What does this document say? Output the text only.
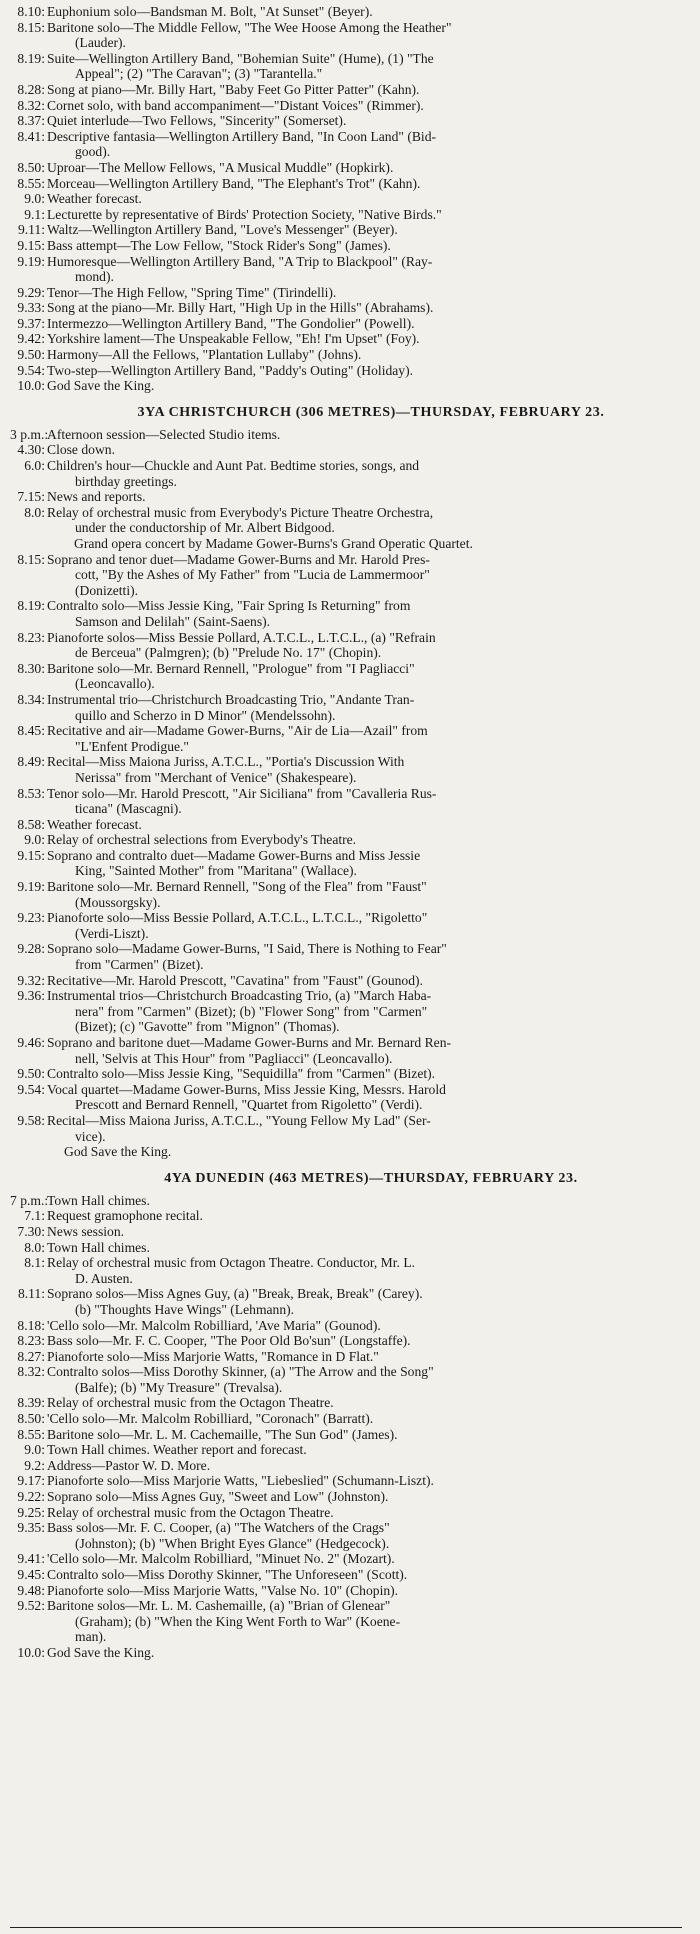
8.10: Euphonium solo—Bandsman M. Bolt, "At Sunset" (Beyer).
8.15: Baritone solo—The Middle Fellow, "The Wee Hoose Among the Heather"
(Lauder).
8.19: Suite—Wellington Artillery Band, "Bohemian Suite" (Hume), (1) "The
Appeal"; (2) "The Caravan"; (3) "Tarantella."
8.28: Song at piano—Mr. Billy Hart, "Baby Feet Go Pitter Patter" (Kahn).
8.32: Cornet solo, with band accompaniment—"Distant Voices" (Rimmer).
8.37: Quiet interlude—Two Fellows, "Sincerity" (Somerset).
8.41: Descriptive fantasia—Wellington Artillery Band, "In Coon Land" (Bid-
good).
8.50: Uproar—The Mellow Fellows, "A Musical Muddle" (Hopkirk).
8.55: Morceau—Wellington Artillery Band, "The Elephant's Trot" (Kahn).
9.0: Weather forecast.
9.1: Lecturette by representative of Birds' Protection Society, "Native Birds."
9.11: Waltz—Wellington Artillery Band, "Love's Messenger" (Beyer).
9.15: Bass attempt—The Low Fellow, "Stock Rider's Song" (James).
9.19: Humoresque—Wellington Artillery Band, "A Trip to Blackpool" (Ray-
mond).
9.29: Tenor—The High Fellow, "Spring Time" (Tirindelli).
9.33: Song at the piano—Mr. Billy Hart, "High Up in the Hills" (Abrahams).
9.37: Intermezzo—Wellington Artillery Band, "The Gondolier" (Powell).
9.42: Yorkshire lament—The Unspeakable Fellow, "Eh! I'm Upset" (Foy).
9.50: Harmony—All the Fellows, "Plantation Lullaby" (Johns).
9.54: Two-step—Wellington Artillery Band, "Paddy's Outing" (Holiday).
10.0: God Save the King.
3YA CHRISTCHURCH (306 METRES)—THURSDAY, FEBRUARY 23.
3 p.m.:
Afternoon session—Selected Studio items.
4.30: Close down.
6.0: Children's hour—Chuckle and Aunt Pat. Bedtime stories, songs, and
birthday greetings.
7.15: News and reports.
8.0: Relay of orchestral music from Everybody's Picture Theatre Orchestra,
under the conductorship of Mr. Albert Bidgood.
Grand opera concert by Madame Gower-Burns's Grand Operatic Quartet.
8.15: Soprano and tenor duet—Madame Gower-Burns and Mr. Harold Pres-
cott, "By the Ashes of My Father" from "Lucia de Lammermoor"
(Donizetti).
8.19: Contralto solo—Miss Jessie King, "Fair Spring Is Returning" from
Samson and Delilah" (Saint-Saens).
8.23: Pianoforte solos—Miss Bessie Pollard, A.T.C.L., L.T.C.L., (a) "Refrain
de Berceua" (Palmgren); (b) "Prelude No. 17" (Chopin).
8.30: Baritone solo—Mr. Bernard Rennell, "Prologue" from "I Pagliacci"
(Leoncavallo).
8.34: Instrumental trio—Christchurch Broadcasting Trio, "Andante Tran-
quillo and Scherzo in D Minor" (Mendelssohn).
8.45: Recitative and air—Madame Gower-Burns, "Air de Lia—Azail" from
"L'Enfent Prodigue."
8.49: Recital—Miss Maiona Juriss, A.T.C.L., "Portia's Discussion With
Nerissa" from "Merchant of Venice" (Shakespeare).
8.53: Tenor solo—Mr. Harold Prescott, "Air Siciliana" from "Cavalleria Rus-
ticana" (Mascagni).
8.58: Weather forecast.
9.0: Relay of orchestral selections from Everybody's Theatre.
9.15: Soprano and contralto duet—Madame Gower-Burns and Miss Jessie
King, "Sainted Mother" from "Maritana" (Wallace).
9.19: Baritone solo—Mr. Bernard Rennell, "Song of the Flea" from "Faust"
(Moussorgsky).
9.23: Pianoforte solo—Miss Bessie Pollard, A.T.C.L., L.T.C.L., "Rigoletto"
(Verdi-Liszt).
9.28: Soprano solo—Madame Gower-Burns, "I Said, There is Nothing to Fear"
from "Carmen" (Bizet).
9.32: Recitative—Mr. Harold Prescott, "Cavatina" from "Faust" (Gounod).
9.36: Instrumental trios—Christchurch Broadcasting Trio, (a) "March Haba-
nera" from "Carmen" (Bizet); (b) "Flower Song" from "Carmen"
(Bizet); (c) "Gavotte" from "Mignon" (Thomas).
9.46: Soprano and baritone duet—Madame Gower-Burns and Mr. Bernard Ren-
nell, 'Selvis at This Hour" from "Pagliacci" (Leoncavallo).
9.50: Contralto solo—Miss Jessie King, "Sequidilla" from "Carmen" (Bizet).
9.54: Vocal quartet—Madame Gower-Burns, Miss Jessie King, Messrs. Harold
Prescott and Bernard Rennell, "Quartet from Rigoletto" (Verdi).
9.58: Recital—Miss Maiona Juriss, A.T.C.L., "Young Fellow My Lad" (Ser-
vice).
God Save the King.
4YA DUNEDIN (463 METRES)—THURSDAY, FEBRUARY 23.
7 p.m.:
Town Hall chimes.
7.1: Request gramophone recital.
7.30: News session.
8.0: Town Hall chimes.
8.1: Relay of orchestral music from Octagon Theatre. Conductor, Mr. L.
D. Austen.
8.11: Soprano solos—Miss Agnes Guy, (a) "Break, Break, Break" (Carey).
(b) "Thoughts Have Wings" (Lehmann).
8.18: 'Cello solo—Mr. Malcolm Robilliard, 'Ave Maria" (Gounod).
8.23: Bass solo—Mr. F. C. Cooper, "The Poor Old Bo'sun" (Longstaffe).
8.27: Pianoforte solo—Miss Marjorie Watts, "Romance in D Flat."
8.32: Contralto solos—Miss Dorothy Skinner, (a) "The Arrow and the Song"
(Balfe); (b) "My Treasure" (Trevalsa).
8.39: Relay of orchestral music from the Octagon Theatre.
8.50: 'Cello solo—Mr. Malcolm Robilliard, "Coronach" (Barratt).
8.55: Baritone solo—Mr. L. M. Cachemaille, "The Sun God" (James).
9.0: Town Hall chimes. Weather report and forecast.
9.2: Address—Pastor W. D. More.
9.17: Pianoforte solo—Miss Marjorie Watts, "Liebeslied" (Schumann-Liszt).
9.22: Soprano solo—Miss Agnes Guy, "Sweet and Low" (Johnston).
9.25: Relay of orchestral music from the Octagon Theatre.
9.35: Bass solos—Mr. F. C. Cooper, (a) "The Watchers of the Crags"
(Johnston); (b) "When Bright Eyes Glance" (Hedgecock).
9.41: 'Cello solo—Mr. Malcolm Robilliard, "Minuet No. 2" (Mozart).
9.45: Contralto solo—Miss Dorothy Skinner, "The Unforeseen" (Scott).
9.48: Pianoforte solo—Miss Marjorie Watts, "Valse No. 10" (Chopin).
9.52: Baritone solos—Mr. L. M. Cashemaille, (a) "Brian of Glenear"
(Graham); (b) "When the King Went Forth to War" (Koene-
man).
10.0: God Save the King.
